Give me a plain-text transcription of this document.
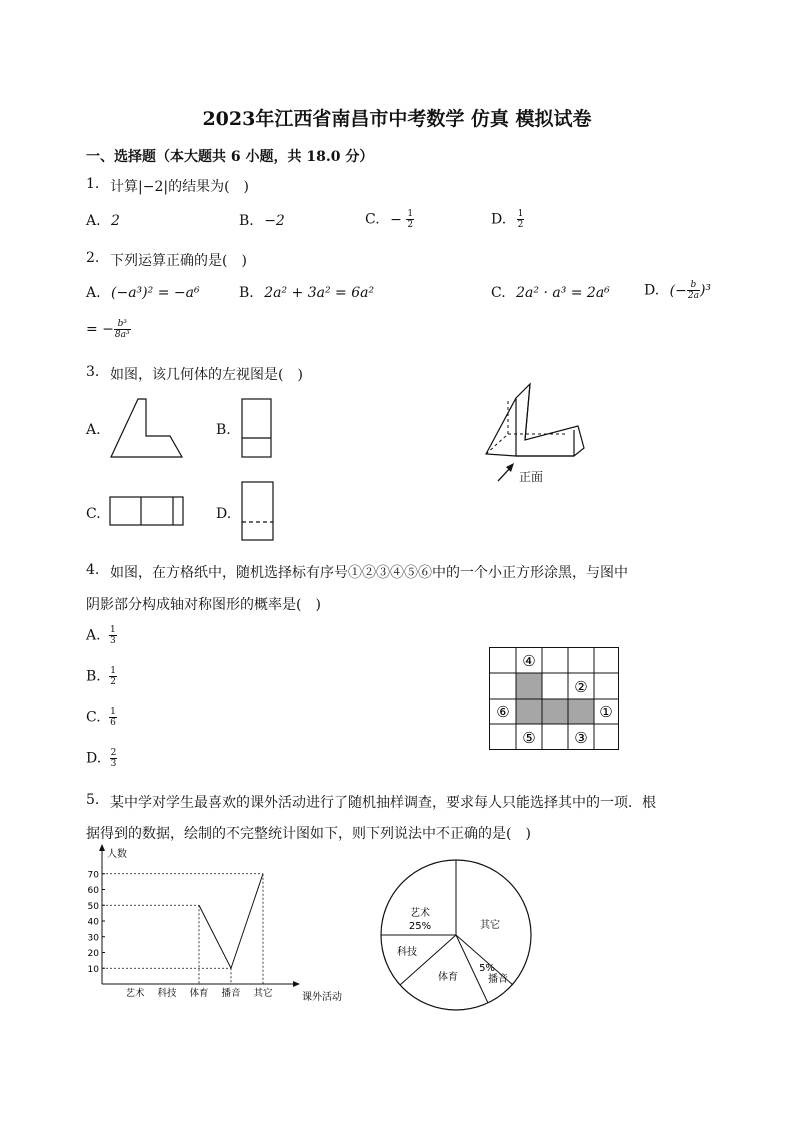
2023年江西省南昌市中考数学 仿真 模拟试卷
一、选择题（本大题共 6 小题，共 18.0 分）
1. 计算|−2|的结果为(　)
A. 2	B. −2	C. − $\frac{1}{2}$	D. $\frac{1}{2}$
2. 下列运算正确的是(　)
A. (−a³)² = −a⁶	B. 2a² + 3a² = 6a²	C. 2a² · a³ = 2a⁶ D. (− $\frac{b}{2a} )^3$
= − $\frac{\text{b³}}{\text{8a³}}$
3. 如图，该几何体的左视图是(　)
A.	B.
C.	D.
正面
4. 如图，在方格纸中，随机选择标有序号①②③④⑤⑥中的一个小正方形涂黑，与图中
阴影部分构成轴对称图形的概率是(　)
A. $\frac{1}{3}$
B. $\frac{1}{2}$
C. $\frac{1}{6}$
D. $\frac{2}{3}$
④
②
⑥	①
⑤	③
5. 某中学对学生最喜欢的课外活动进行了随机抽样调查，要求每人只能选择其中的一项．根
据得到的数据，绘制的不完整统计图如下，则下列说法中不正确的是(　)
10
20
30
40
50
60
70
艺术 科技 体育 播音 其它
人数
课外活动
其它
艺术
25%
科技
体育
5%
播音
